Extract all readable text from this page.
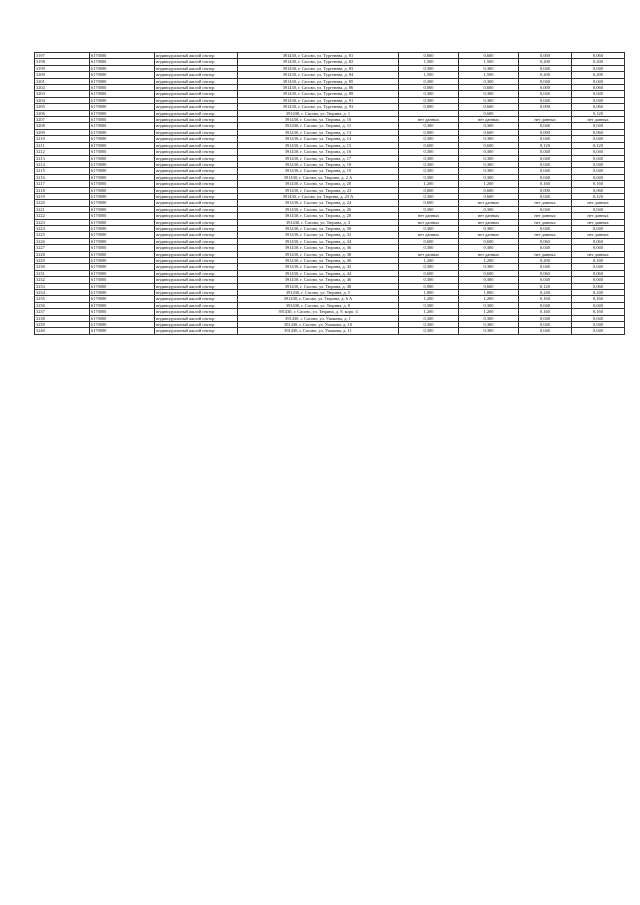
3197	6170000	индивидуальный жилой сектор	391430, г. Сасово, ул. Тургенева, д. 81	0,000	0,600	0,000	0,060
3198	6170000	индивидуальный жилой сектор	391430, г. Сасово, ул. Тургенева, д. 82	1,500	1,500	0,200	0,200
3199	6170000	индивидуальный жилой сектор	391430, г. Сасово, ул. Тургенева, д. 83	0,300	0,300	0,040	0,040
3200	6170000	индивидуальный жилой сектор	391430, г. Сасово, ул. Тургенева, д. 84	1,500	1,500	0,200	0,200
3201	6170000	индивидуальный жилой сектор	391430, г. Сасово, ул. Тургенева, д. 85	0,300	0,300	0,040	0,040
3202	6170000	индивидуальный жилой сектор	391430, г. Сасово, ул. Тургенева, д. 86	0,000	0,600	0,000	0,060
3203	6170000	индивидуальный жилой сектор	391430, г. Сасово, ул. Тургенева, д. 89	0,300	0,300	0,040	0,040
3204	6170000	индивидуальный жилой сектор	391430, г. Сасово, ул. Тургенева, д. 91	0,300	0,300	0,040	0,040
3205	6170000	индивидуальный жилой сектор	391430, г. Сасово, ул. Тургенева, д. 93	0,000	0,600	0,000	0,060
3206	6170000	индивидуальный жилой сектор	391430, г. Сасово, ул. Тюрина, д. 1		0,600		0,120
3207	6170000	индивидуальный жилой сектор	391430, г. Сасово, ул. Тюрина, д. 10	нет данных	нет данных	нет данных	нет данных
3208	6170000	индивидуальный жилой сектор	391430, г. Сасово, ул. Тюрина, д. 11	0,300	0,300	0,040	0,040
3209	6170000	индивидуальный жилой сектор	391430, г. Сасово, ул. Тюрина, д. 13	0,000	0,600	0,000	0,060
3210	6170000	индивидуальный жилой сектор	391430, г. Сасово, ул. Тюрина, д. 14	0,300	0,300	0,040	0,040
3211	6170000	индивидуальный жилой сектор	391430, г. Сасово, ул. Тюрина, д. 15	0,600	0,600	0,120	0,120
3212	6170000	индивидуальный жилой сектор	391430, г. Сасово, ул. Тюрина, д. 16	0,300	0,300	0,040	0,040
3213	6170000	индивидуальный жилой сектор	391430, г. Сасово, ул. Тюрина, д. 17	0,300	0,300	0,040	0,040
3214	6170000	индивидуальный жилой сектор	391430, г. Сасово, ул. Тюрина, д. 18	0,300	0,300	0,040	0,040
3215	6170000	индивидуальный жилой сектор	391430, г. Сасово, ул. Тюрина, д. 19	0,300	0,300	0,040	0,040
3216	6170000	индивидуальный жилой сектор	391430, г. Сасово, ул. Тюрина, д. 2 А	0,300	0,300	0,040	0,040
3217	6170000	индивидуальный жилой сектор	391430, г. Сасово, ул. Тюрина, д. 20	1,200	1,200	0,160	0,160
3218	6170000	индивидуальный жилой сектор	391430, г. Сасово, ул. Тюрина, д. 23	0,000	0,600	0,000	0,060
3219	6170000	индивидуальный жилой сектор	391430, г. Сасово, ул. Тюрина, д. 23 А	0,300	0,600	0,040	0,120
3220	6170000	индивидуальный жилой сектор	391430, г. Сасово, ул. Тюрина, д. 24	0,600	нет данных	нет данных	нет данных
3221	6170000	индивидуальный жилой сектор	391430, г. Сасово, ул. Тюрина, д. 26	0,300	0,300	0,040	0,040
3222	6170000	индивидуальный жилой сектор	391430, г. Сасово, ул. Тюрина, д. 28	нет данных	нет данных	нет данных	нет данных
3223	6170000	индивидуальный жилой сектор	391430, г. Сасово, ул. Тюрина, д. 3	нет данных	нет данных	нет данных	нет данных
3224	6170000	индивидуальный жилой сектор	391430, г. Сасово, ул. Тюрина, д. 30	0,300	0,300	0,040	0,040
3225	6170000	индивидуальный жилой сектор	391430, г. Сасово, ул. Тюрина, д. 32	нет данных	нет данных	нет данных	нет данных
3226	6170000	индивидуальный жилой сектор	391430, г. Сасово, ул. Тюрина, д. 34	0,600	0,600	0,060	0,060
3227	6170000	индивидуальный жилой сектор	391430, г. Сасово, ул. Тюрина, д. 36	0,300	0,300	0,040	0,040
3228	6170000	индивидуальный жилой сектор	391430, г. Сасово, ул. Тюрина, д. 38	нет данных	нет данных	нет данных	нет данных
3229	6170000	индивидуальный жилой сектор	391430, г. Сасово, ул. Тюрина, д. 40	1,200	1,200	0,200	0,180
3230	6170000	индивидуальный жилой сектор	391430, г. Сасово, ул. Тюрина, д. 42	0,300	0,300	0,040	0,040
3231	6170000	индивидуальный жилой сектор	391430, г. Сасово, ул. Тюрина, д. 44	0,600	0,600	0,060	0,060
3232	6170000	индивидуальный жилой сектор	391430, г. Сасово, ул. Тюрина, д. 46	0,300	0,300	0,040	0,040
3233	6170000	индивидуальный жилой сектор	391430, г. Сасово, ул. Тюрина, д. 48	0,900	0,600	0,120	0,060
3234	6170000	индивидуальный жилой сектор	391430, г. Сасово, ул. Тюрина, д. 5	1,800	1,800	0,240	0,240
3235	6170000	индивидуальный жилой сектор	391430, г. Сасово, ул. Тюрина, д. 6 А	1,200	1,200	0,160	0,160
3236	6170000	индивидуальный жилой сектор	391430, г. Сасово, ул. Тюрина, д. 8	0,300	0,300	0,040	0,040
3237	6170000	индивидуальный жилой сектор	391430, г. Сасово, ул. Тюрина, д. 9, корп. 4	1,200	1,200	0,160	0,160
3238	6170000	индивидуальный жилой сектор	391430, г. Сасово, ул. Ушакова, д. 1	0,300	0,300	0,040	0,040
3239	6170000	индивидуальный жилой сектор	391430, г. Сасово, ул. Ушакова, д. 10	0,300	0,300	0,040	0,040
3240	6170000	индивидуальный жилой сектор	391430, г. Сасово, ул. Ушакова, д. 11	0,300	0,300	0,040	0,040
